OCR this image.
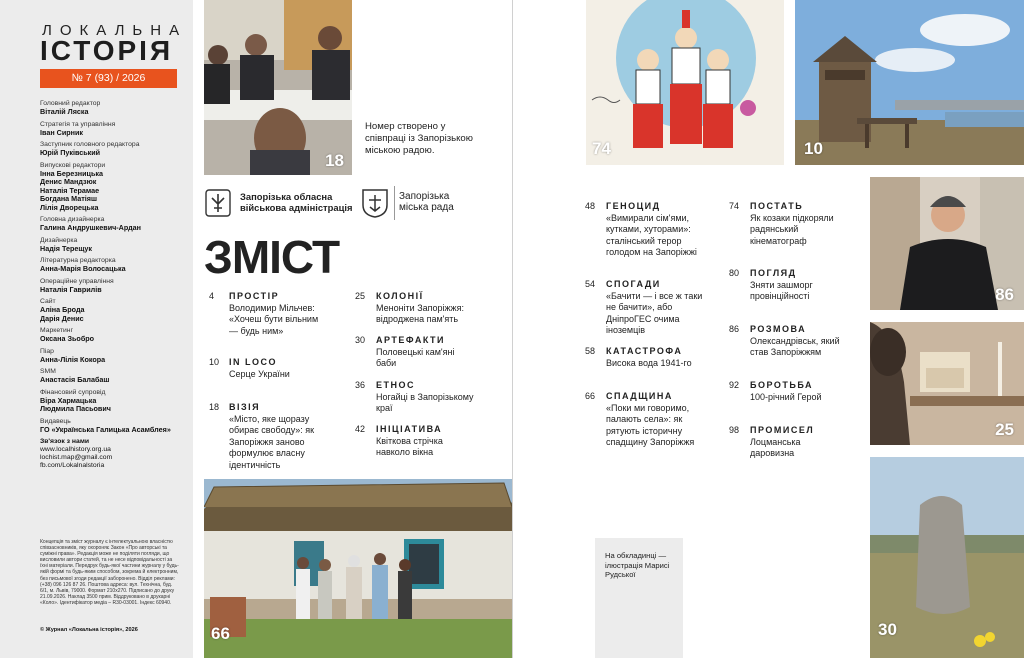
ЛОКАЛЬНА
ІСТОРІЯ
№ 7 (93) / 2026
Головний редактор
Віталій Ляска
Стратегія та управління
Іван Сирник
Заступник головного редактора
Юрій Пуківський
Випускові редактори
Інна Березницька
Денис Мандзюк
Наталія Терамае
Богдана Матіяш
Лілія Дворецька
Головна дизайнерка
Галина Андрушкевич-Ардан
Дизайнерка
Надія Терещук
Літературна редакторка
Анна-Марія Волосацька
Операційне управління
Наталія Гаврилів
Сайт
Аліна Брода
Дарія Денис
Маркетинг
Оксана Зьобро
Піар
Анна-Лілія Кокора
SMM
Анастасія Балабаш
Фінансовий супровід
Віра Хармацька
Людмила Пасьович
Видавець
ГО «Українська Галицька Асамблея»
Зв'язок з нами
www.localhistory.org.ua
lochist.map@gmail.com
fb.com/Lokalnalstoria
Концепція та зміст журналу є інтелектуальною власністю співзасновників, яку охороняє Закон «Про авторські та суміжні права». Редакція може не поділяти погляди, що висловили автори статей, та не несе відповідальності за їхні матеріали. Передрук будь-якої частини журналу у будь-якій формі та будь-яким способом, зокрема й електронним, без письмової згоди редакції заборонено. Відділ реклами: (+38) 096 126 87 26. Поштова адреса: вул. Технічна, буд. 6/1, м. Львів, 79000. Формат 210х270. Підписано до друку 21.09.2026. Наклад 3500 прим. Віддруковано в друкарні «Коло». Ідентифікатор медіа – R30-03001. Індекс 60940.
© Журнал «Локальна історія», 2026
18
Номер створено у співпраці із Запорізькою міською радою.
Запорізька обласна військова адміністрація
Запорізька міська рада
ЗМІСТ
4 ПРОСТІР
Володимир Мільчев: «Хочеш бути вільним — будь ним»
10 IN LOCO
Серце України
18 ВІЗІЯ
«Місто, яке щоразу обирає свободу»: як Запоріжжя заново формулює власну ідентичність
25 КОЛОНІЇ
Меноніти Запоріжжя: відроджена пам'ять
30 АРТЕФАКТИ
Половецькі кам'яні баби
36 ЕТНОС
Ногайці в Запорізькому краї
42 ІНІЦІАТИВА
Квіткова стрічка навколо вікна
66
74	10
86
25
30
48 ГЕНОЦИД
«Вимирали сім'ями, кутками, хуторами»: сталінський терор голодом на Запоріжжі
54 СПОГАДИ
«Бачити — і все ж таки не бачити», або ДніпроГЕС очима іноземців
58 КАТАСТРОФА
Висока вода 1941-го
66 СПАДЩИНА
«Поки ми говоримо, палають села»: як рятують історичну спадщину Запоріжжя
74 ПОСТАТЬ
Як козаки підкоряли радянський кінематограф
80 ПОГЛЯД
Зняти зашморг провінційності
86 РОЗМОВА
Олександрівськ, який став Запоріжжям
92 БОРОТЬБА
100-річний Герой
98 ПРОМИСЕЛ
Лоцманська даровизна
На обкладинці — ілюстрація Марисі Рудської
